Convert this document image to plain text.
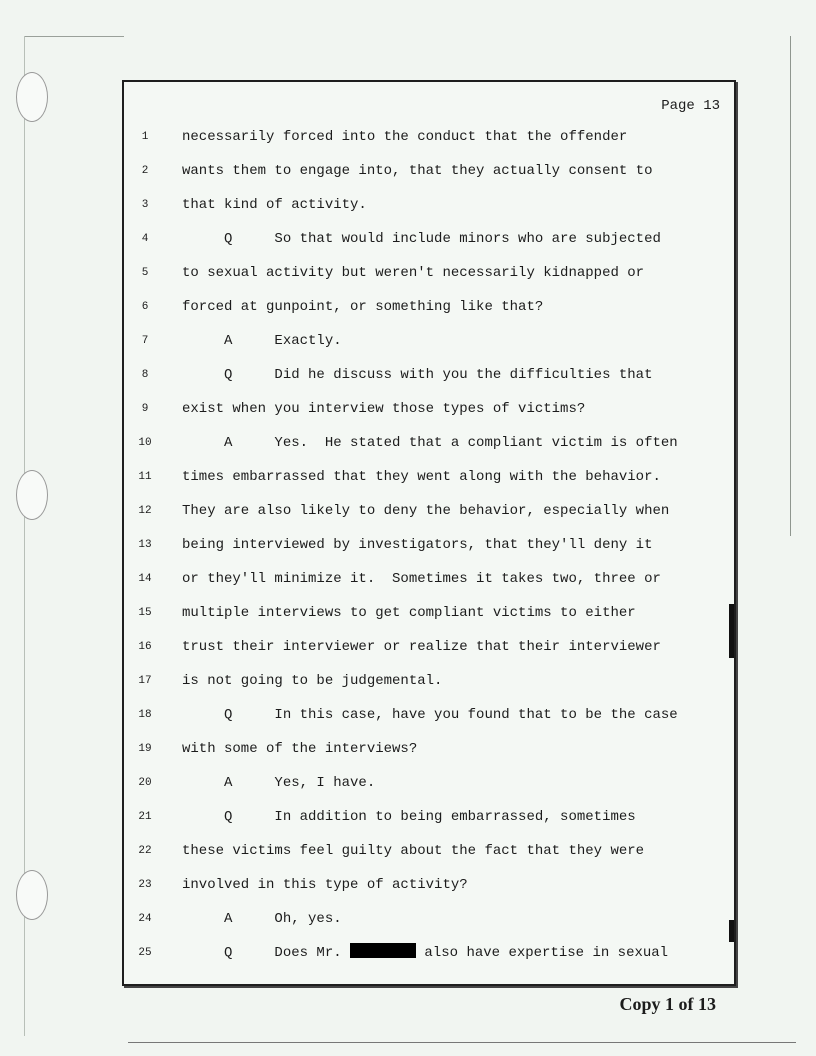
Page 13
1	necessarily forced into the conduct that the offender
2	wants them to engage into, that they actually consent to
3	that kind of activity.
4	Q     So that would include minors who are subjected
5	to sexual activity but weren't necessarily kidnapped or
6	forced at gunpoint, or something like that?
7	A     Exactly.
8	Q     Did he discuss with you the difficulties that
9	exist when you interview those types of victims?
10	A     Yes.  He stated that a compliant victim is often
11	times embarrassed that they went along with the behavior.
12	They are also likely to deny the behavior, especially when
13	being interviewed by investigators, that they'll deny it
14	or they'll minimize it.  Sometimes it takes two, three or
15	multiple interviews to get compliant victims to either
16	trust their interviewer or realize that their interviewer
17	is not going to be judgemental.
18	Q     In this case, have you found that to be the case
19	with some of the interviews?
20	A     Yes, I have.
21	Q     In addition to being embarrassed, sometimes
22	these victims feel guilty about the fact that they were
23	involved in this type of activity?
24	A     Oh, yes.
25	Q     Does Mr.	also have expertise in sexual
Copy 1 of 13
